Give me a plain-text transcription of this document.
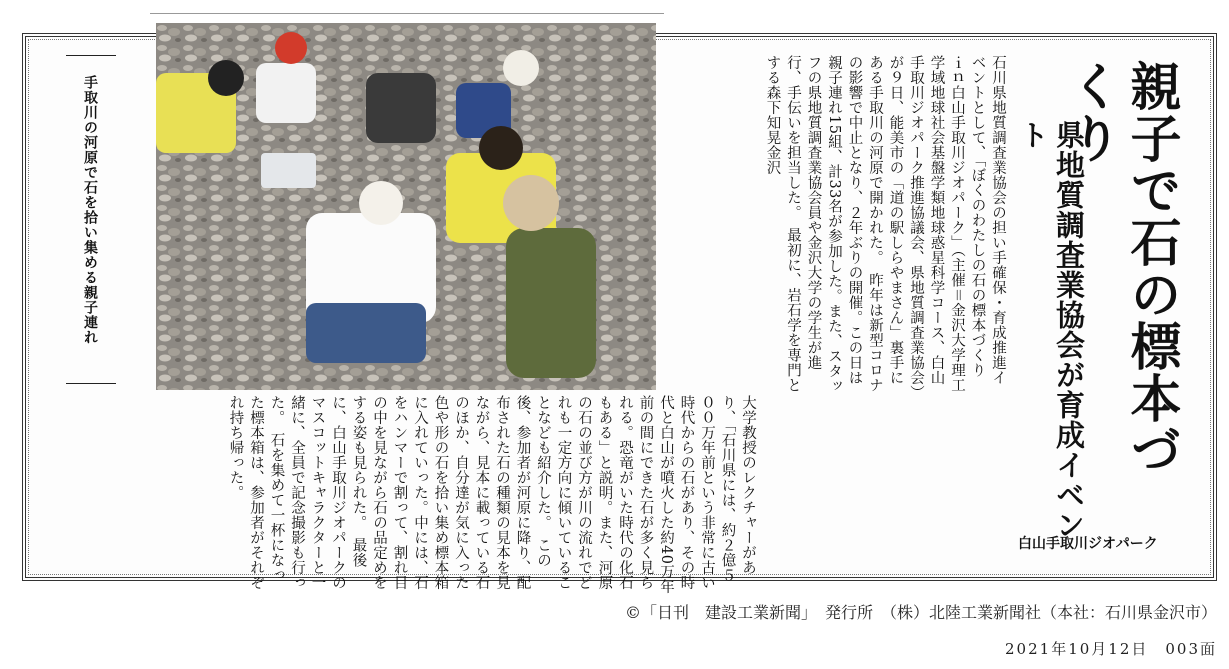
手取川の河原で石を拾い集める親子連れ	石川県地質調査業協会の担い手確保・育成推進イベントとして、「ぼくのわたしの石の標本づくり　ｉｎ白山手取川ジオパーク」（主催＝金沢大学理工学域地球社会基盤学類地球惑星科学コース、白山手取川ジオパーク推進協議会、県地質調査業協会）が９日、能美市の「道の駅しらやまさん」裏手にある手取川の河原で開かれた。　昨年は新型コロナの影響で中止となり、２年ぶりの開催。この日は親子連れ15組、計33名が参加した。また、スタッフの県地質調査業協会員や金沢大学の学生が進行、手伝いを担当した。　最初に、岩石学を専門とする森下知晃金沢

大学教授のレクチャーがあり、「石川県には、約２億５００万年前という非常に古い時代からの石があり、その時代と白山が噴火した約40万年前の間にできた石が多く見られる。恐竜がいた時代の化石もある」と説明。また、河原の石の並び方が川の流れでどれも一定方向に傾いていることなども紹介した。　この後、参加者が河原に降り、配布された石の種類の見本を見ながら、見本に載っている石のほか、自分達が気に入った色や形の石を拾い集め標本箱に入れていった。中には、石をハンマーで割って、割れ目の中を見ながら石の品定めをする姿も見られた。　最後に、白山手取川ジオパークのマスコットキャラクターと一緒に、全員で記念撮影も行った。　石を集めて一杯になった標本箱は、参加者がそれぞれ持ち帰った。	県地質調査業協会が育成イベント	親子で石の標本づくり
白山手取川ジオパーク
©「日刊　建設工業新聞」　発行所　（株）北陸工業新聞社（本社：石川県金沢市）
2021年10月12日　003面
